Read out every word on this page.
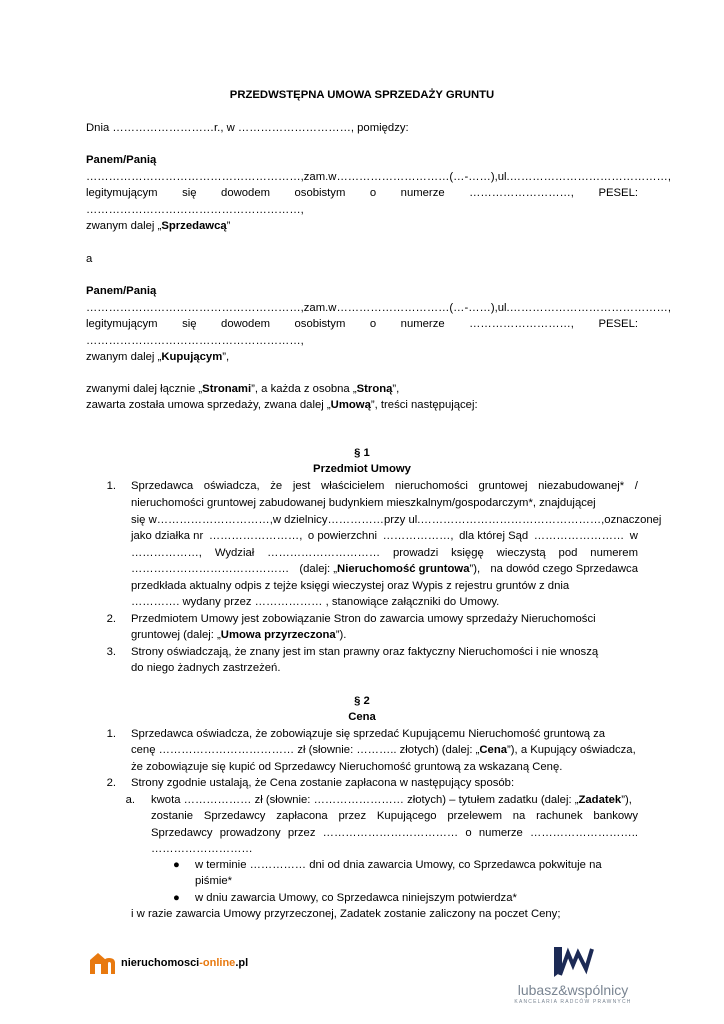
PRZEDWSTĘPNA UMOWA SPRZEDAŻY GRUNTU
Dnia ………………………r., w …………………………, pomiędzy:
Panem/Panią
…………………………………………………, zam. w ………………………… (…-……), ul. ……………………………………,
legitymującym się dowodem osobistym o numerze ………………………, PESEL:
…………………………………………………,
zwanym dalej „Sprzedawcą”
a
Panem/Panią
…………………………………………………, zam. w ………………………… (…-……), ul. ……………………………………,
legitymującym się dowodem osobistym o numerze ………………………, PESEL:
…………………………………………………,
zwanym dalej „Kupującym”,
zwanymi dalej łącznie „Stronami”, a każda z osobna „Stroną”,
zawarta została umowa sprzedaży, zwana dalej „Umową”, treści następującej:
§ 1
Przedmiot Umowy
1. Sprzedawca oświadcza, że jest właścicielem nieruchomości gruntowej niezabudowanej* /
nieruchomości gruntowej zabudowanej budynkiem mieszkalnym/gospodarczym*, znajdującej
się w …………………………, w dzielnicy ……………przy ul. …………………………………………, oznaczonej
jako działka nr ……………………, o powierzchni ………………, dla której Sąd …………………… w
………………, Wydział ………………………… prowadzi księgę wieczystą pod numerem
…………………………………… (dalej: „Nieruchomość gruntowa”), na dowód czego Sprzedawca
przedkłada aktualny odpis z tejże księgi wieczystej oraz Wypis z rejestru gruntów z dnia
…………. wydany przez ……………… , stanowiące załączniki do Umowy.
2. Przedmiotem Umowy jest zobowiązanie Stron do zawarcia umowy sprzedaży Nieruchomości
gruntowej (dalej: „Umowa przyrzeczona”).
3. Strony oświadczają, że znany jest im stan prawny oraz faktyczny Nieruchomości i nie wnoszą
do niego żadnych zastrzeżeń.
§ 2
Cena
1. Sprzedawca oświadcza, że zobowiązuje się sprzedać Kupującemu Nieruchomość gruntową za
cenę ……………………………… zł (słownie: ……….. złotych) (dalej: „Cena”), a Kupujący oświadcza,
że zobowiązuje się kupić od Sprzedawcy Nieruchomość gruntową za wskazaną Cenę.
2. Strony zgodnie ustalają, że Cena zostanie zapłacona w następujący sposób:
a. kwota ……………… zł (słownie: …………………… złotych) – tytułem zadatku (dalej: „Zadatek”),
zostanie Sprzedawcy zapłacona przez Kupującego przelewem na rachunek bankowy
Sprzedawcy prowadzony przez ……………………………… o numerze ………………………..
………………………
● w terminie …………… dni od dnia zawarcia Umowy, co Sprzedawca pokwituje na
piśmie*
● w dniu zawarcia Umowy, co Sprzedawca niniejszym potwierdza*
i w razie zawarcia Umowy przyrzeczonej, Zadatek zostanie zaliczony na poczet Ceny;
nieruchomosci-online.pl
lubasz&wspólnicy
KANCELARIA RADCÓW PRAWNYCH
